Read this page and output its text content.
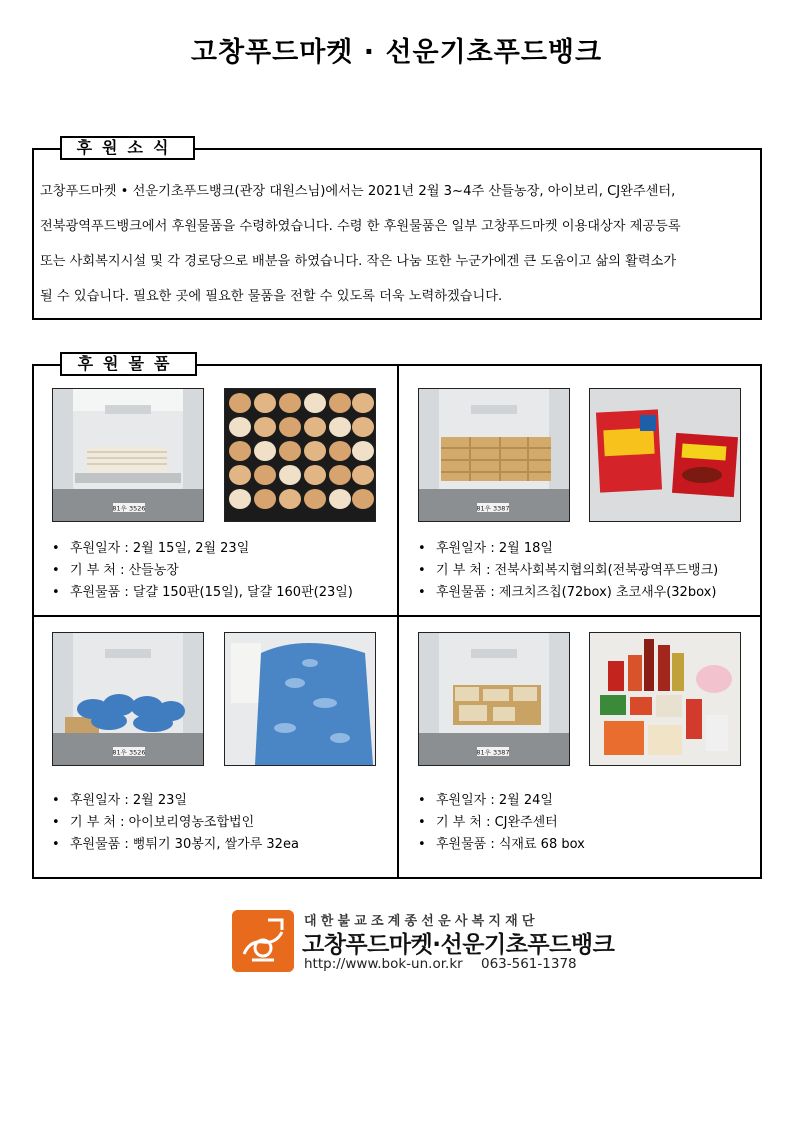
고창푸드마켓 · 선운기초푸드뱅크
후원소식
고창푸드마켓 • 선운기초푸드뱅크(관장 대원스님)에서는 2021년 2월 3~4주 산들농장, 아이보리, CJ완주센터,
전북광역푸드뱅크에서 후원물품을 수령하였습니다. 수령 한 후원물품은 일부 고창푸드마켓 이용대상자 제공등록
또는 사회복지시설 및 각 경로당으로 배분을 하였습니다. 작은 나눔 또한 누군가에겐 큰 도움이고 삶의 활력소가
될 수 있습니다. 필요한 곳에 필요한 물품을 전할 수 있도록 더욱 노력하겠습니다.
후원물품
81우 3526
• 후원일자 : 2월 15일, 2월 23일
• 기 부 처 : 산들농장
• 후원물품 : 달걀 150판(15일), 달걀 160판(23일)
81우 3387
• 후원일자 : 2월 18일
• 기 부 처 : 전북사회복지협의회(전북광역푸드뱅크)
• 후원물품 : 제크치즈칩(72box) 초코새우(32box)
81우 3526
• 후원일자 : 2월 23일
• 기 부 처 : 아이보리영농조합법인
• 후원물품 : 뻥튀기 30봉지, 쌀가루 32ea
81우 3387
• 후원일자 : 2월 24일
• 기 부 처 : CJ완주센터
• 후원물품 : 식재료 68 box
대한불교조계종선운사복지재단
고창푸드마켓·선운기초푸드뱅크
http://www.bok-un.or.kr 063-561-1378
